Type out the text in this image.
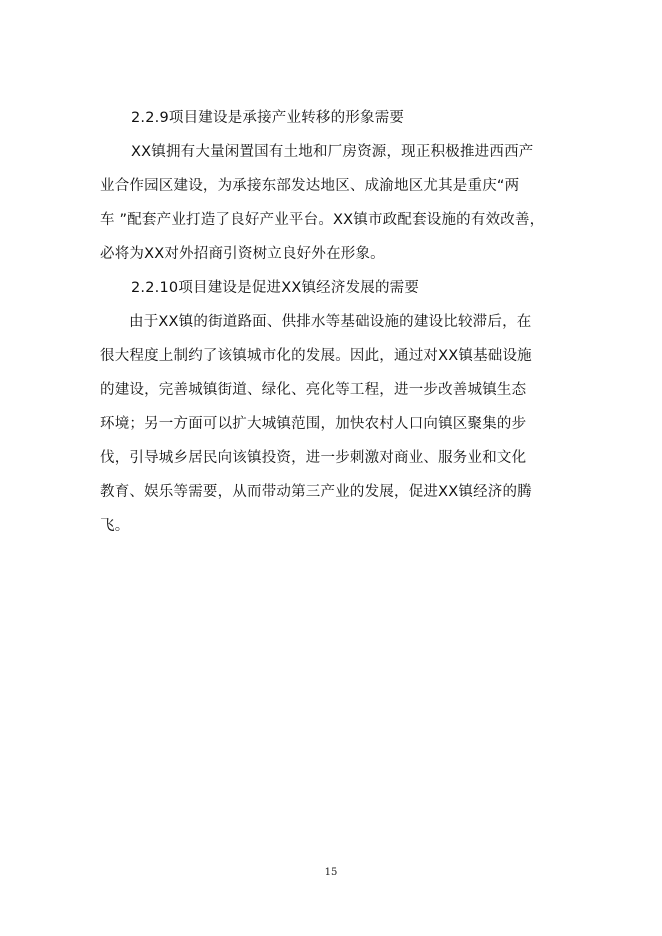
2.2.9项目建设是承接产业转移的形象需要
XX镇拥有大量闲置国有土地和厂房资源，现正积极推进西西产
业合作园区建设，为承接东部发达地区、成渝地区尤其是重庆“两
车 ”配套产业打造了良好产业平台。XX镇市政配套设施的有效改善，
必将为XX对外招商引资树立良好外在形象。
2.2.10项目建设是促进XX镇经济发展的需要
由于XX镇的街道路面、供排水等基础设施的建设比较滞后，在
很大程度上制约了该镇城市化的发展。因此，通过对XX镇基础设施
的建设，完善城镇街道、绿化、亮化等工程，进一步改善城镇生态
环境；另一方面可以扩大城镇范围，加快农村人口向镇区聚集的步
伐，引导城乡居民向该镇投资，进一步刺激对商业、服务业和文化
教育、娱乐等需要，从而带动第三产业的发展，促进XX镇经济的腾
飞。
15
